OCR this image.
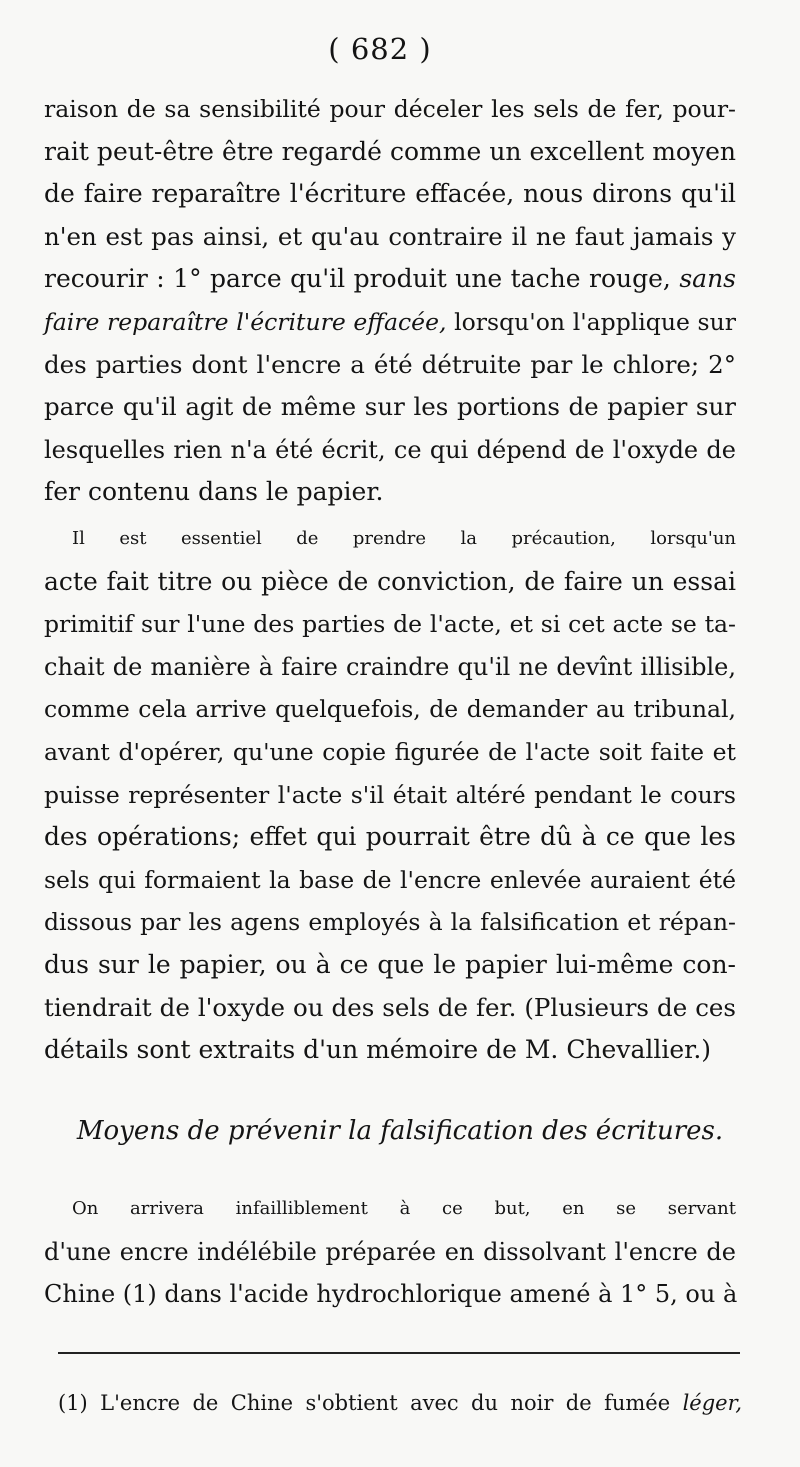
( 682 )
raison de sa sensibilité pour déceler les sels de fer, pour-
rait peut-être être regardé comme un excellent moyen
de faire reparaître l'écriture effacée, nous dirons qu'il
n'en est pas ainsi, et qu'au contraire il ne faut jamais y
recourir : 1° parce qu'il produit une tache rouge, sans
faire reparaître l'écriture effacée, lorsqu'on l'applique sur
des parties dont l'encre a été détruite par le chlore; 2°
parce qu'il agit de même sur les portions de papier sur
lesquelles rien n'a été écrit, ce qui dépend de l'oxyde de
fer contenu dans le papier.
Il est essentiel de prendre la précaution, lorsqu'un
acte fait titre ou pièce de conviction, de faire un essai
primitif sur l'une des parties de l'acte, et si cet acte se ta-
chait de manière à faire craindre qu'il ne devînt illisible,
comme cela arrive quelquefois, de demander au tribunal,
avant d'opérer, qu'une copie figurée de l'acte soit faite et
puisse représenter l'acte s'il était altéré pendant le cours
des opérations; effet qui pourrait être dû à ce que les
sels qui formaient la base de l'encre enlevée auraient été
dissous par les agens employés à la falsification et répan-
dus sur le papier, ou à ce que le papier lui-même con-
tiendrait de l'oxyde ou des sels de fer. (Plusieurs de ces
détails sont extraits d'un mémoire de M. Chevallier.)
Moyens de prévenir la falsification des écritures.
On arrivera infailliblement à ce but, en se servant
d'une encre indélébile préparée en dissolvant l'encre de
Chine (1) dans l'acide hydrochlorique amené à 1° 5, ou à
(1) L'encre de Chine s'obtient avec du noir de fumée léger,
